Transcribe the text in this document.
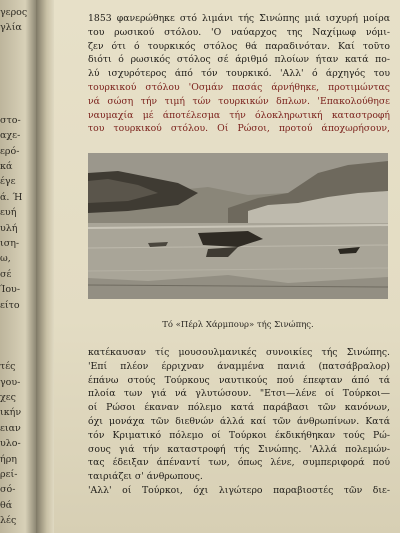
γερος
γλία
στο-
αχε-
ερό-
κά
έγε
ά. Ή
ευή
υλή
ιση-
ω,
σέ
Ίου-
είτο
τές
γου-
χες
ικήν
ειαν
υλο-
ήρη
ρεί-
σό-
θά
λές
1853 φανερώθηκε στό λιμάνι τής Σινώπης μιά ισχυρή μοίρα
του ρωσικού στόλου. 'Ο ναύαρχος της Ναχίμωφ νόμι-
ζεν ότι ό τουρκικός στόλος θά παραδινόταν. Καί τοῦτο
διότι ό ρωσικός στόλος σέ άριθμό πλοίων ήταν κατά πο-
λύ ισχυρότερος άπό τόν τουρκικό. 'Αλλ' ό άρχηγός του
τουρκικού στόλου 'Οσμάν πασάς άρνήθηκε, προτιμώντας
νά σώση τήν τιμή τών τουρκικών δπλων. 'Επακολούθησε
ναυμαχία μέ άποτέλεσμα τήν όλοκληρωτική καταστροφή
του τουρκικού στόλου. Οί Ρώσοι, προτού άποχωρήσουν,
Τό «Πέρλ Χάρμπουρ» τής Σινώπης.
κατέκαυσαν τίς μουσουλμανικές συνοικίες τής Σινώπης.
'Επί πλέον έρριχναν άναμμένα πανιά (πατσάβραλορ)
έπάνω στούς Τούρκους ναυτικούς πού έπεφταν άπό τά
πλοία των γιά νά γλυτώσουν. "Ετσι—λένε οί Τούρκοι—
οί Ρώσοι έκαναν πόλεμο κατά παράβασι τῶν κανόνων,
όχι μονάχα τῶν διεθνών άλλά καί τῶν άνθρωπίνων. Κατά
τόν Κριματικό πόλεμο οί Τούρκοι έκδικήθηκαν τούς Ρώ-
σους γιά τήν καταστροφή τής Σινώπης. 'Αλλά πολεμών-
τας έδειξαν άπέναντί των, όπως λένε, συμπεριφορά πού
ταιριάζει σ' άνθρωπους.
'Αλλ' οί Τούρκοι, όχι λιγώτερο παραβιοστές τῶν διε-
